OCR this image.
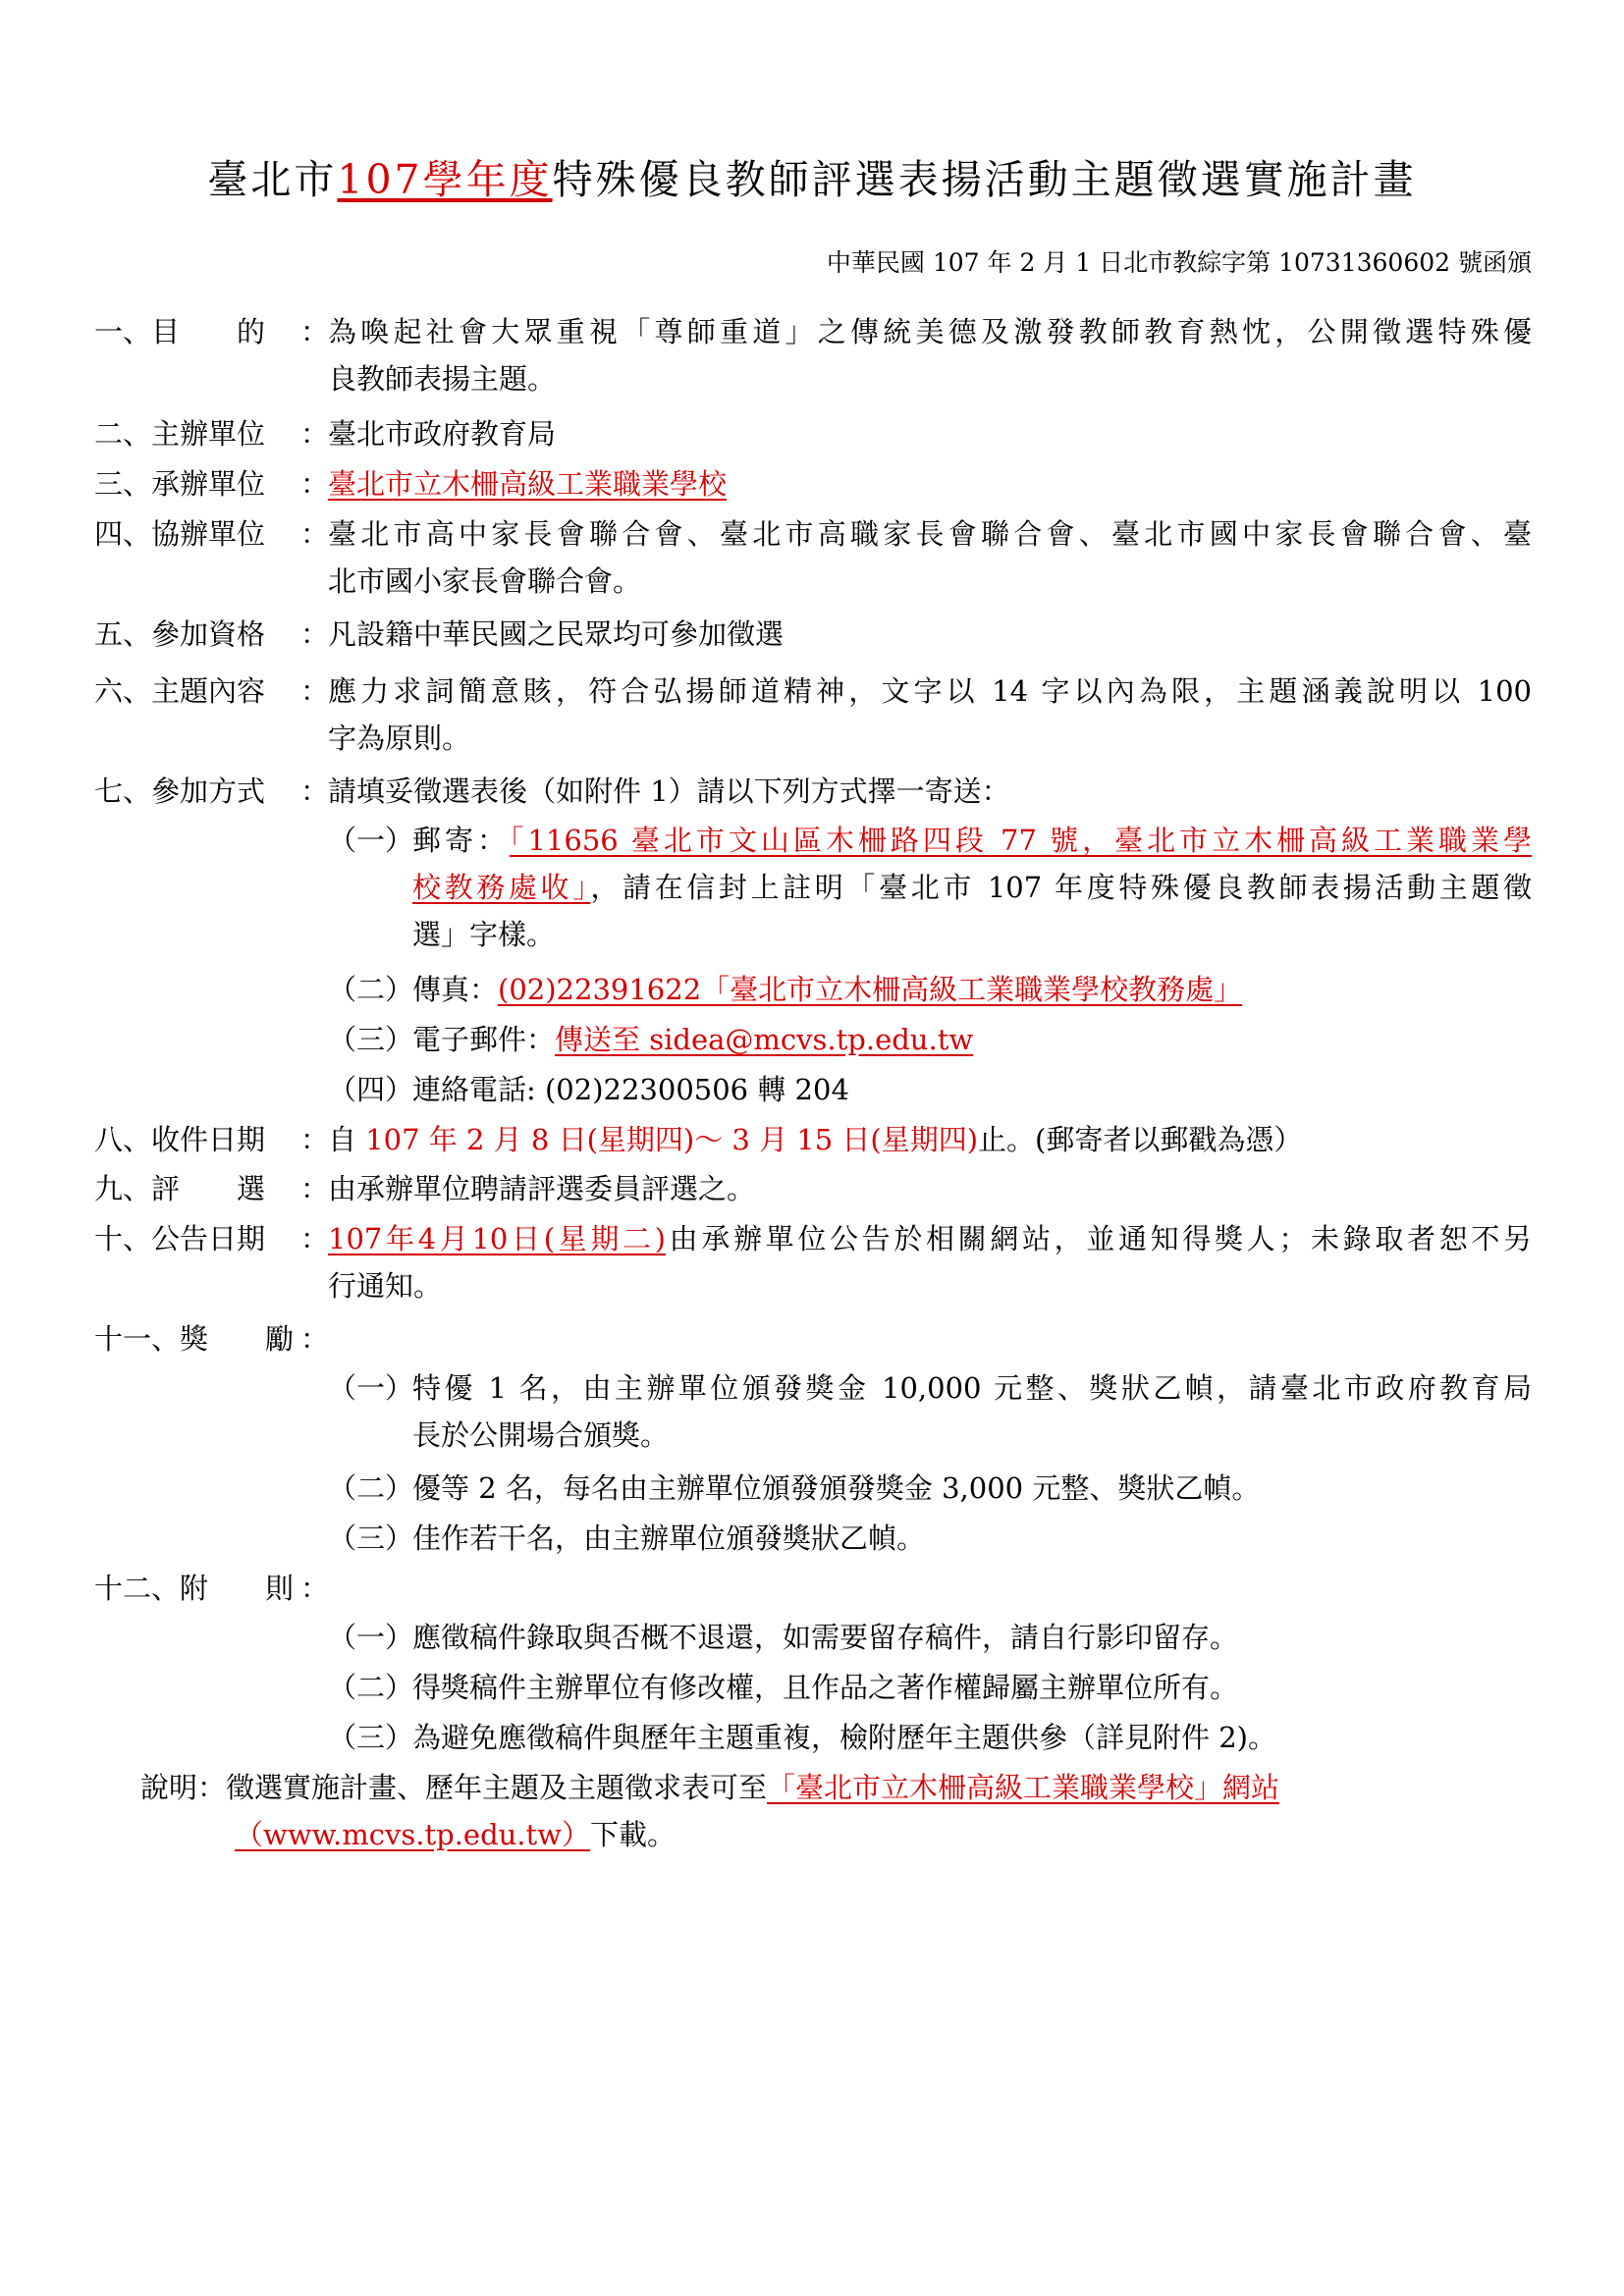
臺北市107學年度特殊優良教師評選表揚活動主題徵選實施計畫
中華民國 107 年 2 月 1 日北市教綜字第 10731360602 號函頒
一、目　　的 ：
為喚起社會大眾重視「尊師重道」之傳統美德及激發教師教育熱忱，公開徵選特殊優
良教師表揚主題。
二、主辦單位 ：
臺北市政府教育局
三、承辦單位 ：
臺北市立木柵高級工業職業學校
四、協辦單位 ：
臺北市高中家長會聯合會、臺北市高職家長會聯合會、臺北市國中家長會聯合會、臺
北市國小家長會聯合會。
五、參加資格 ：
凡設籍中華民國之民眾均可參加徵選
六、主題內容 ：
應力求詞簡意賅，符合弘揚師道精神，文字以 14 字以內為限，主題涵義說明以 100
字為原則。
七、參加方式 ：
請填妥徵選表後（如附件 1）請以下列方式擇一寄送：
（一）
郵寄：「11656 臺北市文山區木柵路四段 77 號，臺北市立木柵高級工業職業學
校教務處收」，請在信封上註明「臺北市 107 年度特殊優良教師表揚活動主題徵
選」字樣。
（二）
傳真：(02)22391622「臺北市立木柵高級工業職業學校教務處」
（三）
電子郵件：傳送至 sidea@mcvs.tp.edu.tw
（四）
連絡電話: (02)22300506 轉 204
八、收件日期 ：
自 107 年 2 月 8 日(星期四)～ 3 月 15 日(星期四)止。(郵寄者以郵戳為憑）
九、評　　選 ：
由承辦單位聘請評選委員評選之。
十、公告日期 ：
107年4月10日(星期二)由承辦單位公告於相關網站，並通知得獎人；未錄取者恕不另
行通知。
十一、獎　　勵 ：
（一）
特優 1 名，由主辦單位頒發獎金 10,000 元整、獎狀乙幀，請臺北市政府教育局
長於公開場合頒獎。
（二）
優等 2 名，每名由主辦單位頒發頒發獎金 3,000 元整、獎狀乙幀。
（三）
佳作若干名，由主辦單位頒發獎狀乙幀。
十二、附　　則 ：
（一）
應徵稿件錄取與否概不退還，如需要留存稿件，請自行影印留存。
（二）
得獎稿件主辦單位有修改權，且作品之著作權歸屬主辦單位所有。
（三）
為避免應徵稿件與歷年主題重複，檢附歷年主題供參（詳見附件 2)。
說明：徵選實施計畫、歷年主題及主題徵求表可至「臺北市立木柵高級工業職業學校」網站
（www.mcvs.tp.edu.tw）下載。
